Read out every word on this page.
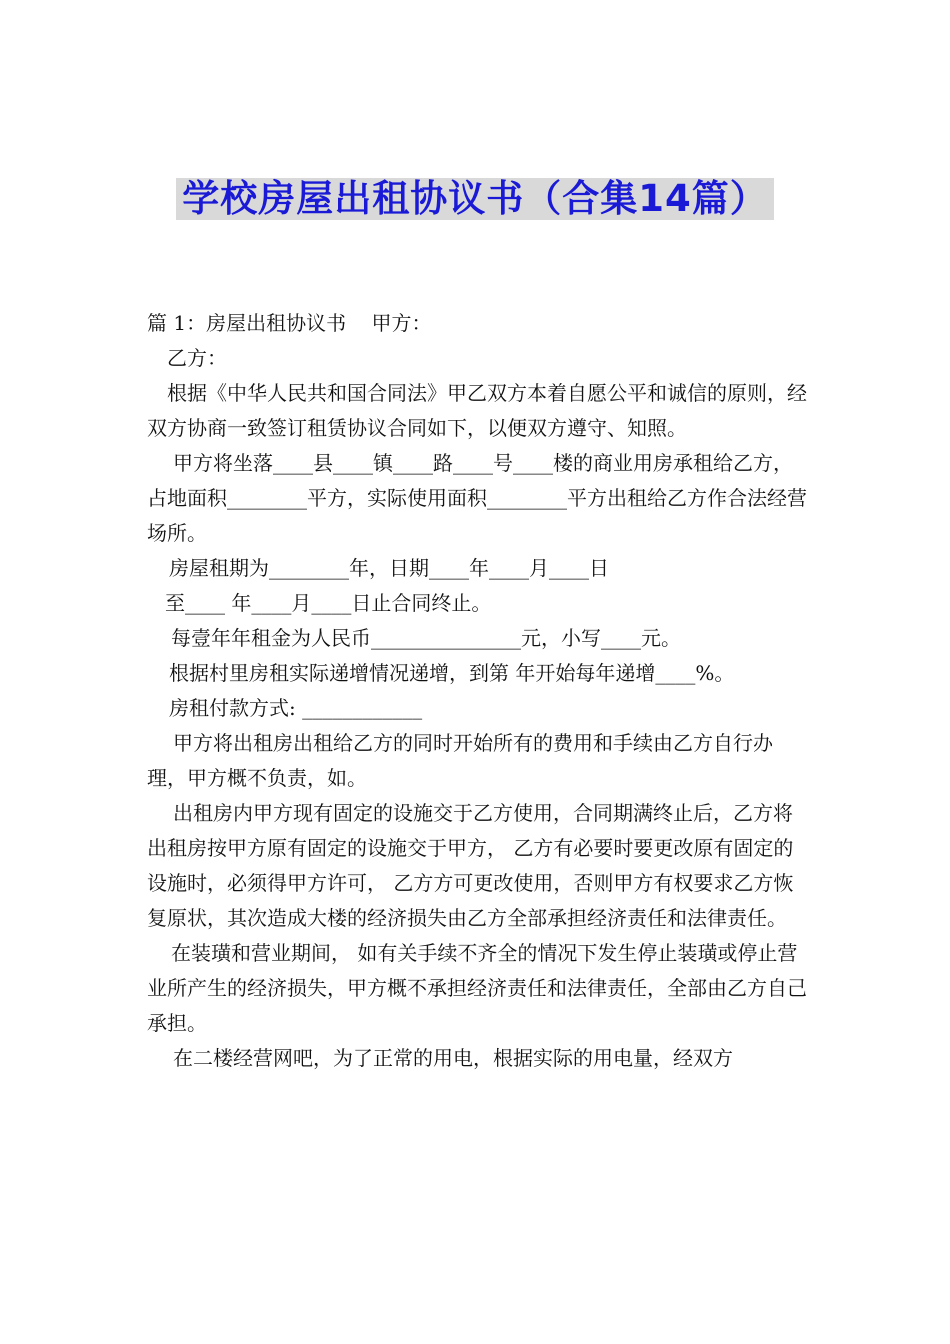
学校房屋出租协议书（合集14篇）

篇 1：房屋出租协议书    甲方：

乙方：

根据《中华人民共和国合同法》甲乙双方本着自愿公平和诚信的原则，经双方协商一致签订租赁协议合同如下，以便双方遵守、知照。

甲方将坐落____县____镇____路____号____楼的商业用房承租给乙方，占地面积________平方，实际使用面积________平方出租给乙方作合法经营场所。

房屋租期为________年，日期____年____月____日

至____ 年____月____日止合同终止。

每壹年年租金为人民币_______________元，小写____元。

根据村里房租实际递增情况递增，到第 年开始每年递增____%。

房租付款方式: ____________

甲方将出租房出租给乙方的同时开始所有的费用和手续由乙方自行办理，甲方概不负责，如。

出租房内甲方现有固定的设施交于乙方使用，合同期满终止后，乙方将出租房按甲方原有固定的设施交于甲方， 乙方有必要时要更改原有固定的设施时，必须得甲方许可， 乙方方可更改使用，否则甲方有权要求乙方恢复原状，其次造成大楼的经济损失由乙方全部承担经济责任和法律责任。

在装璜和营业期间， 如有关手续不齐全的情况下发生停止装璜或停止营业所产生的经济损失，甲方概不承担经济责任和法律责任，全部由乙方自己承担。

在二楼经营网吧，为了正常的用电，根据实际的用电量，经双方
